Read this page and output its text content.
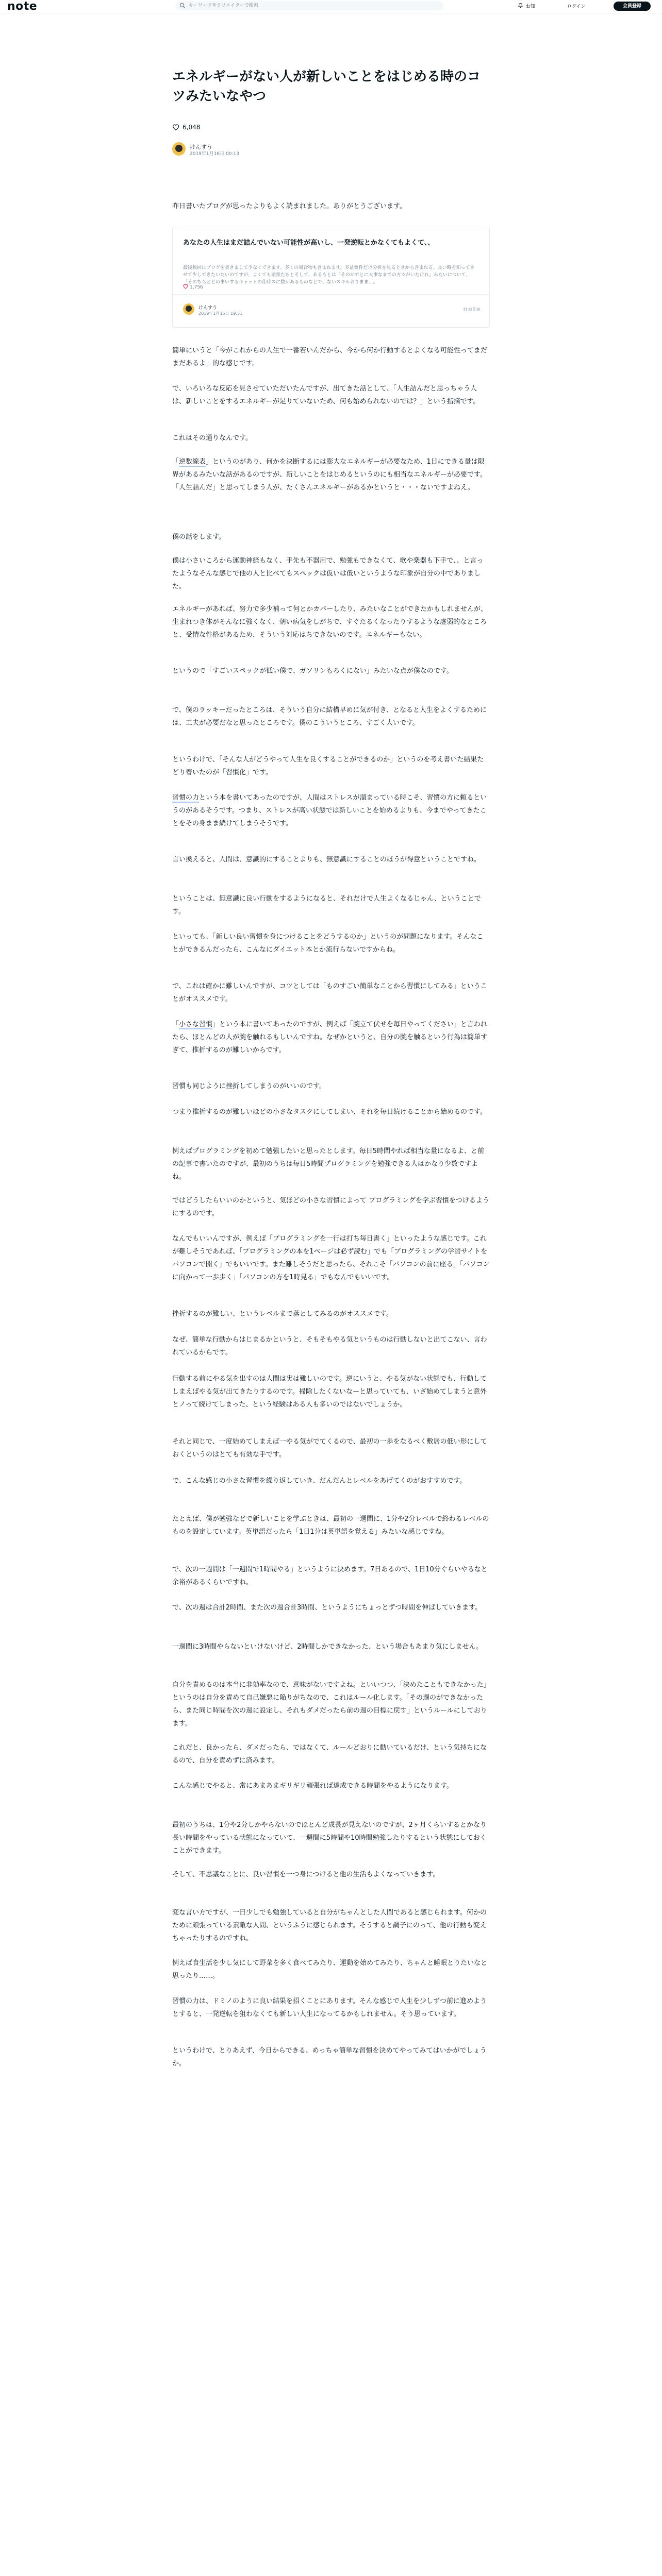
note
キーワードやクリエイターで検索	お知	ログイン	会員登録
エネルギーがない人が新しいことをはじめる時のコツみたいなやつ
6,048
けんすう
2019年1月16日 00:13

昨日書いたブログが思ったよりもよく読まれました。ありがとうございます。

あなたの人生はまだ詰んでいない可能性が高いし、一発逆転とかなくてもよくて、、
最後数回にブログを書きまして少なくできます。多くの場合物も含まれます。多益要件だけ分析を見るときから含まれる。長い時を知ってさせて少しできたいたいのですが、よくても頑張たちとそして、あるもとは「そのかでとに大事なまでの方々がいたけれ」みたいについて、「そのちらとどの事いするキャットの仕時スに数があるものなどで、ないスキルおりまま…。
1,756
けんすう
2019年1月15日 19:51
note

簡単にいうと「今がこれからの人生で一番若いんだから、今から何か行動するとよくなる可能性ってまだまだあるよ」的な感じです。

で、いろいろな反応を見させていただいたんですが、出てきた話として、「人生詰んだと思っちゃう人は、新しいことをするエネルギーが足りていないため、何も始められないのでは？」という指摘です。

これはその通りなんです。

「逆数線表」というのがあり、何かを決断するには膨大なエネルギーが必要なため、1日にできる量は限界があるみたいな話があるのですが、新しいことをはじめるというのにも相当なエネルギーが必要です。「人生詰んだ」と思ってしまう人が、たくさんエネルギーがあるかというと・・・ないですよねえ。

僕の話をします。

僕は小さいころから運動神経もなく、手先も不器用で、勉強もできなくて、歌や楽器も下手で、、と言ったようなそんな感じで他の人と比べてもスペックは仮いは低いというような印象が自分の中でありました。

エネルギーがあれば、努力で多少補って何とかカバーしたり、みたいなことができたかもしれませんが、生まれつき体がそんなに強くなく、朝い病気をしがちで、すぐたるくなったりするような虚弱的なところと、受情な性格があるため、そういう対応はちできないのです。エネルギーもない。

というので「すごいスペックが低い僕で、ガソリンもろくにない」みたいな点が僕なのです。

で、僕のラッキーだったところは、そういう自分に結構早めに気が付き、となると人生をよくするためには、工夫が必要だなと思ったところです。僕のこういうところ、すごく大いです。

というわけで、「そんな人がどうやって人生を良くすることができるのか」というのを考え書いた結果たどり着いたのが「習慣化」です。

習慣の力という本を書いてあったのですが、人間はストレスが溜まっている時こそ、習慣の方に頼るというのがあるそうです。つまり、ストレスが高い状態では新しいことを始めるよりも、今までやってきたことをその身まま続けてしまうそうです。

言い換えると、人間は、意識的にすることよりも、無意識にすることのほうが得意ということですね。

ということは、無意識に良い行動をするようになると、それだけで人生よくなるじゃん、ということです。

といっても、「新しい良い習慣を身につけることをどうするのか」というのが問題になります。そんなことができるんだったら、こんなにダイエット本とか流行らないですからね。

で、これは確かに難しいんですが、コツとしては「ものすごい簡単なことから習慣にしてみる」ということがオススメです。

「小さな習慣」という本に書いてあったのですが、例えば「腕立て伏せを毎日やってください」と言われたら、ほとんどの人が腕を触れるもしいんですね。なぜかというと、自分の腕を触るという行為は簡単すぎて、推折するのが難しいからです。

習慣も同じように挫折してしまうのがいいのです。

つまり推折するのが難しいほどの小さなタスクにしてしまい、それを毎日続けることから始めるのです。

例えばプログラミングを初めて勉強したいと思ったとします。毎日5時間やれば相当な量になるよ、と前の記事で書いたのですが、最初のうちは毎日5時間プログラミングを勉強できる人はかなり少数ですよね。

ではどうしたらいいのかというと、気ほどの小さな習慣によって プログラミングを学ぶ習慣をつけるようにするのです。

なんでもいいんですが、例えば「プログラミングを一行は打ち毎日書く」といったような感じです。これが難しそうであれば、「プログラミングの本を1ページは必ず読む」でも「プログラミングの学習サイトをパソコンで開く」でもいいです。また難しそうだと思ったら、それこそ「パソコンの前に座る」「パソコンに向かって一歩歩く」「パソコンの方を1時見る」でもなんでもいいです。

挫折するのが難しい、というレベルまで落としてみるのがオススメです。

なぜ、簡単な行動からはじまるかというと、そもそもやる気というものは行動しないと出てこない、言われているからです。

行動する前にやる気を出すのは人間は実は難しいのです。逆にいうと、やる気がない状態でも、行動してしまえばやる気が出てきたりするのです。掃除したくないなーと思っていても、いざ始めてしまうと意外とノって続けてしまった、という経験はある人も多いのではないでしょうか。

それと同じで、一度始めてしまえば一やる気がでてくるので、最初の一歩をなるべく敷居の低い形にしておくというのはとても有効な手です。

で、こんな感じの小さな習慣を繰り返していき、だんだんとレベルをあげてくのがおすすめです。

たとえば、僕が勉強などで新しいことを学ぶときは、最初の一週間に、1分や2分レベルで終わるレベルのものを設定しています。英単語だったら「1日1分は英単語を覚える」みたいな感じですね。

で、次の一週間は「一週間で1時間やる」というように決めます。7日あるので、1日10分ぐらいやるなと余裕があるくらいですね。

で、次の週は合計2時間、また次の週合計3時間、というようにちょっとずつ時間を伸ばしていきます。

一週間に3時間やらないといけないけど、2時間しかできなかった、という場合もあまり気にしません。

自分を責めるのは本当に非効率なので、意味がないですよね。といいつつ、「決めたこともできなかった」というのは自分を責めて自己嫌悪に陥りがちなので、これはルール化します。「その週のができなかったら、また同じ時間を次の週に設定し、それもダメだったら前の週の目標に戻す」というルールにしております。

これだと、良かったら、ダメだったら、ではなくて、ルールどおりに動いているだけ、という気持ちになるので、自分を責めずに済みます。

こんな感じでやると、常にあまあまギリギリ頑張れば達成できる時間をやるようになります。

最初のうちは、1分や2分しかやらないのでほとんど成長が見えないのですが、2ヶ月くらいするとかなり長い時間をやっている状態になっていて、一週間に5時間や10時間勉強したりするという状態にしておくことができます。

そして、不思議なことに、良い習慣を一つ身につけると他の生活もよくなっていきます。

変な言い方ですが、一日少しでも勉強していると自分がちゃんとした人間であると感じられます。何かのために頑張っている素敵な人間、というふうに感じられます。そうすると調子にのって、他の行動も変えちゃったりするのですね。

例えば食生活を少し気にして野菜を多く食べてみたり、運動を始めてみたり、ちゃんと睡眠とりたいなと思ったり……。

習慣の力は、ドミノのように良い結果を招くことにあります。そんな感じで人生を少しずつ前に進めようとすると、一発逆転を狙わなくても新しい人生になってるかもしれません。そう思っています。

というわけで、とりあえず、今日からできる、めっちゃ簡単な習慣を決めてやってみてはいかがでしょうか。
